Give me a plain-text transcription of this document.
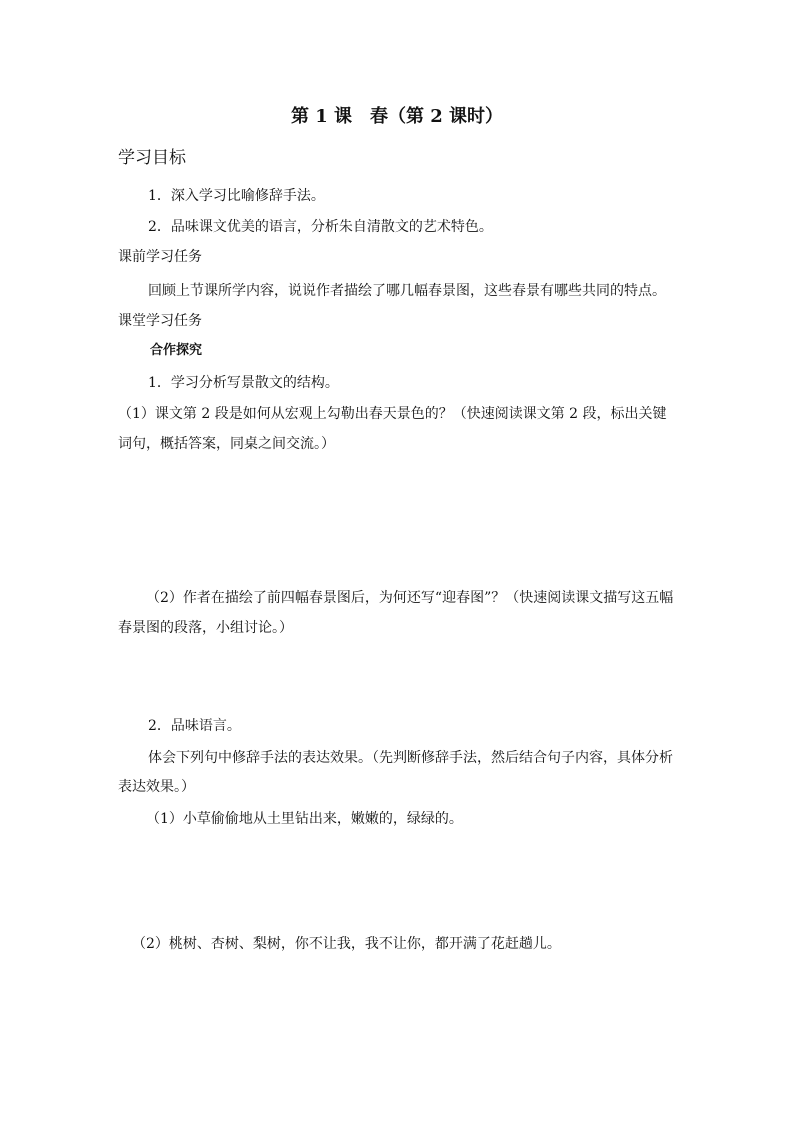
第 1 课　春（第 2 课时）
学习目标
1．深入学习比喻修辞手法。
2．品味课文优美的语言，分析朱自清散文的艺术特色。
课前学习任务
回顾上节课所学内容，说说作者描绘了哪几幅春景图，这些春景有哪些共同的特点。
课堂学习任务
合作探究
1．学习分析写景散文的结构。
（1）课文第 2 段是如何从宏观上勾勒出春天景色的？（快速阅读课文第 2 段，标出关键
词句，概括答案，同桌之间交流。）
（2）作者在描绘了前四幅春景图后，为何还写“迎春图”？（快速阅读课文描写这五幅
春景图的段落，小组讨论。）
2．品味语言。
体会下列句中修辞手法的表达效果。（先判断修辞手法，然后结合句子内容，具体分析
表达效果。）
（1）小草偷偷地从土里钻出来，嫩嫩的，绿绿的。
（2）桃树、杏树、梨树，你不让我，我不让你，都开满了花赶趟儿。
